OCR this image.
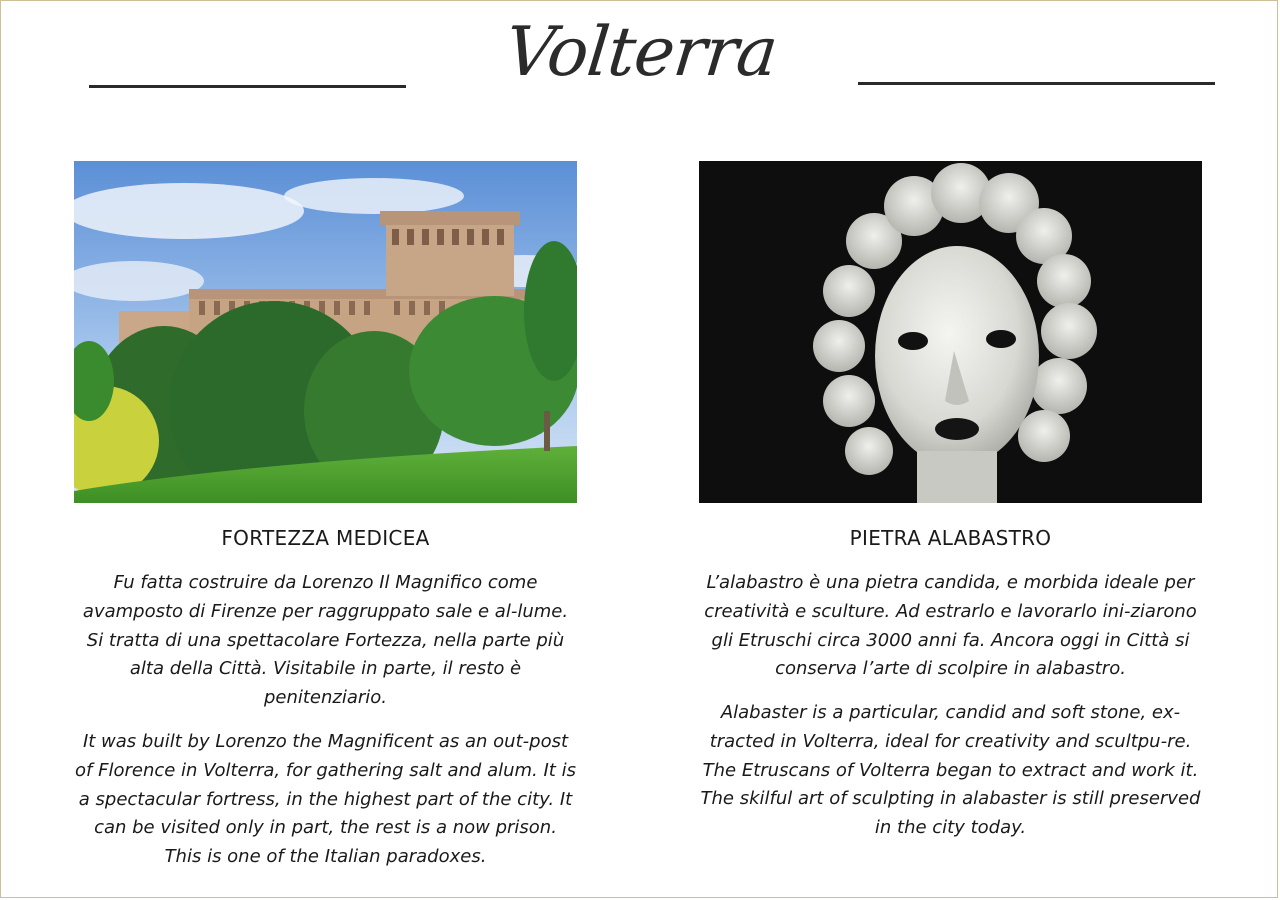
Volterra
FORTEZZA MEDICEA	PIETRA ALABASTRO

Fu fatta costruire da Lorenzo Il Magnifico come avamposto di Firenze per raggruppato sale e al-lume. Si tratta di una spettacolare Fortezza, nella parte più alta della Città. Visitabile in parte, il resto è penitenziario.

It was built by Lorenzo the Magnificent as an out-post of Florence in Volterra, for gathering salt and alum. It is a spectacular fortress, in the highest part of the city. It can be visited only in part, the rest is a now prison. This is one of the Italian paradoxes.

L’alabastro è una pietra candida, e morbida ideale per creatività e sculture. Ad estrarlo e lavorarlo ini-ziarono gli Etruschi circa 3000 anni fa. Ancora oggi in Città si conserva l’arte di scolpire in alabastro.

Alabaster is a particular, candid and soft stone, ex-tracted in Volterra, ideal for creativity and scultpu-re. The Etruscans of Volterra began to extract and work it. The skilful art of sculpting in alabaster is still preserved in the city today.
